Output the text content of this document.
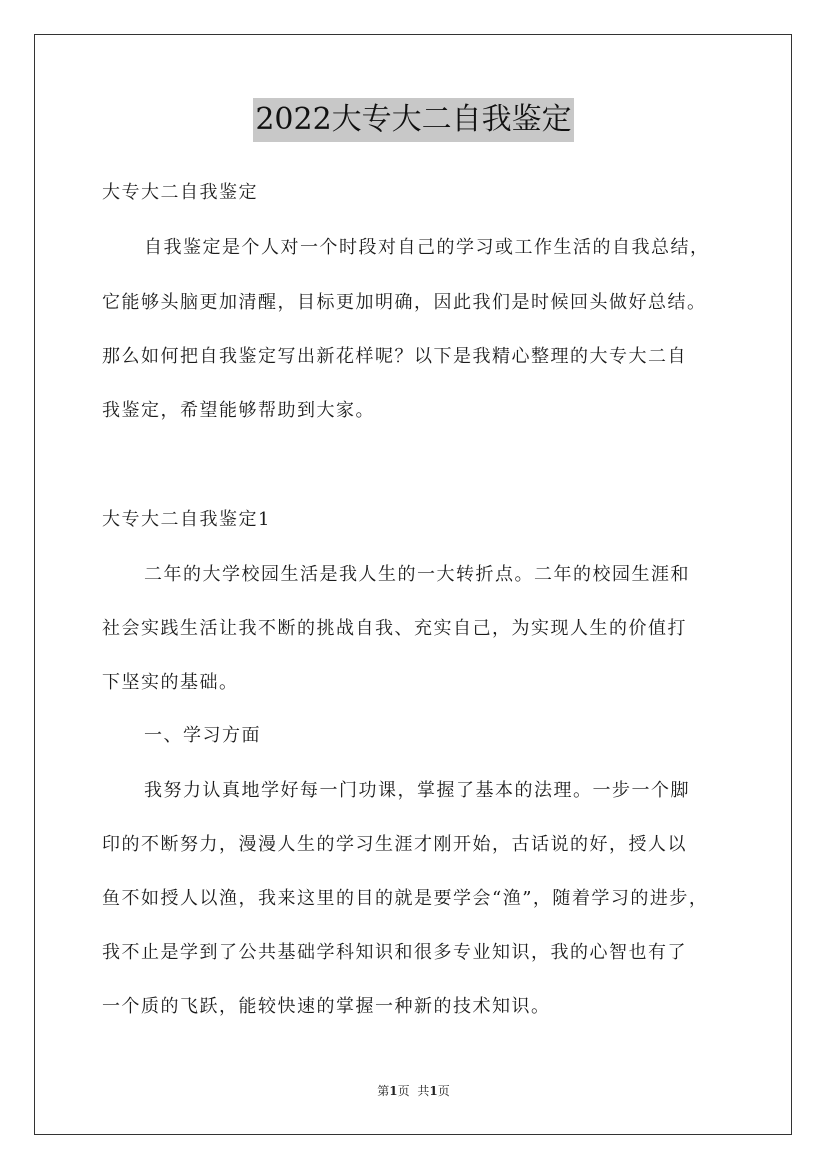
2022大专大二自我鉴定
大专大二自我鉴定
自我鉴定是个人对一个时段对自己的学习或工作生活的自我总结，
它能够头脑更加清醒，目标更加明确，因此我们是时候回头做好总结。
那么如何把自我鉴定写出新花样呢？以下是我精心整理的大专大二自
我鉴定，希望能够帮助到大家。
大专大二自我鉴定1
二年的大学校园生活是我人生的一大转折点。二年的校园生涯和
社会实践生活让我不断的挑战自我、充实自己，为实现人生的价值打
下坚实的基础。
一、学习方面
我努力认真地学好每一门功课，掌握了基本的法理。一步一个脚
印的不断努力，漫漫人生的学习生涯才刚开始，古话说的好，授人以
鱼不如授人以渔，我来这里的目的就是要学会“渔”，随着学习的进步，
我不止是学到了公共基础学科知识和很多专业知识，我的心智也有了
一个质的飞跃，能较快速的掌握一种新的技术知识。
第1页 共1页
